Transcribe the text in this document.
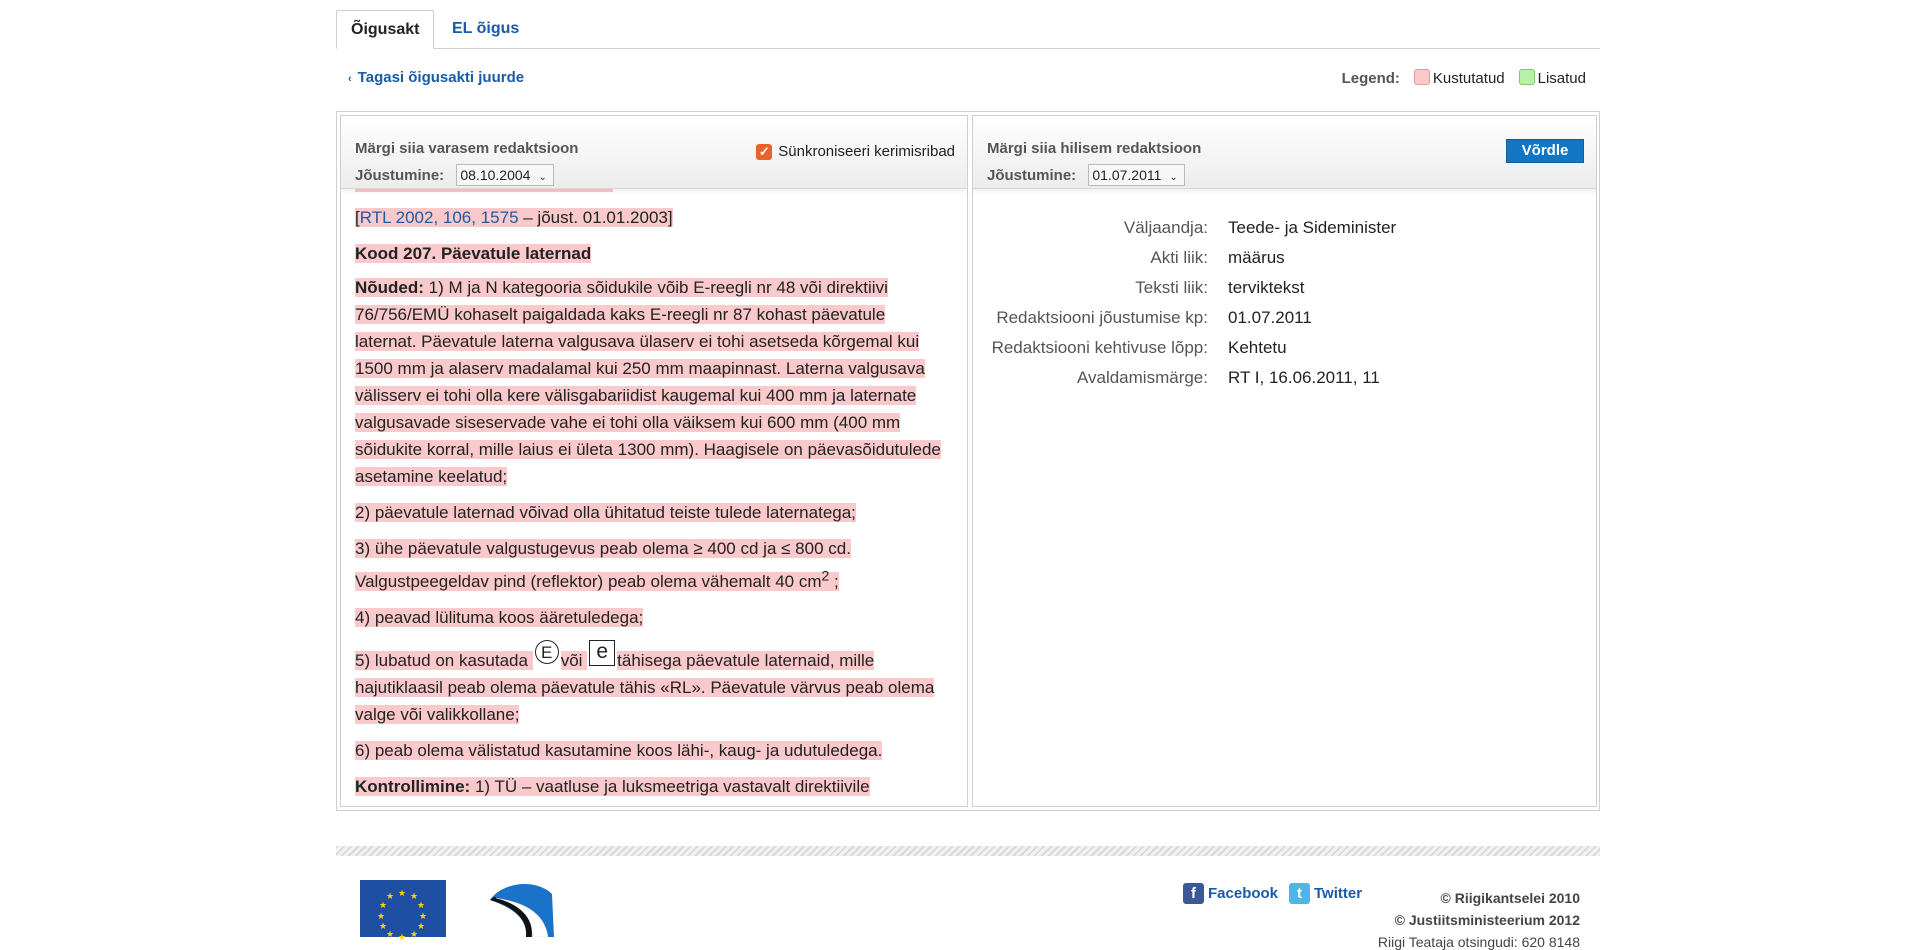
Õigusakt	EL õigus
‹ Tagasi õigusakti juurde	Legend:	Kustutatud	Lisatud
Märgi siia varasem redaktsioon
Jõustumine: 08.10.2004 ⌄
✓ Sünkroniseeri kerimisribad

[RTL 2002, 106, 1575 – jõust. 01.01.2003]

Kood 207. Päevatule laternad

Nõuded: 1) M ja N kategooria sõidukile võib E-reegli nr 48 või direktiivi 76/756/EMÜ kohaselt paigaldada kaks E-reegli nr 87 kohast päevatule laternat. Päevatule laterna valgusava ülaserv ei tohi asetseda kõrgemal kui 1500 mm ja alaserv madalamal kui 250 mm maapinnast. Laterna valgusava välisserv ei tohi olla kere välisgabariidist kaugemal kui 400 mm ja laternate valgusavade siseservade vahe ei tohi olla väiksem kui 600 mm (400 mm sõidukite korral, mille laius ei ületa 1300 mm). Haagisele on päevasõidutulede asetamine keelatud;

2) päevatule laternad võivad olla ühitatud teiste tulede laternatega;

3) ühe päevatule valgustugevus peab olema ≥ 400 cd ja ≤ 800 cd. Valgustpeegeldav pind (reflektor) peab olema vähemalt 40 $cm^2$ ;

4) peavad lülituma koos ääretuledega;

5) lubatud on kasutada E või e tähisega päevatule laternaid, mille hajutiklaasil peab olema päevatule tähis «RL». Päevatule värvus peab olema valge või valikkollane;

6) peab olema välistatud kasutamine koos lähi-, kaug- ja udutuledega.

Kontrollimine: 1) TÜ – vaatluse ja luksmeetriga vastavalt direktiivile

Märgi siia hilisem redaktsioon
Jõustumine: 01.07.2011 ⌄
Võrdle
Väljaandja: Teede- ja Sideminister
Akti liik: määrus
Teksti liik: terviktekst
Redaktsiooni jõustumise kp: 01.07.2011
Redaktsiooni kehtivuse lõpp: Kehtetu
Avaldamismärge: RT I, 16.06.2011, 11
★ ★
★
★
★
★
★
★
★
★
★
★	f Facebook	t Twitter	© Riigikantselei 2010
© Justiitsministeerium 2012
Riigi Teataja otsingudi: 620 8148
